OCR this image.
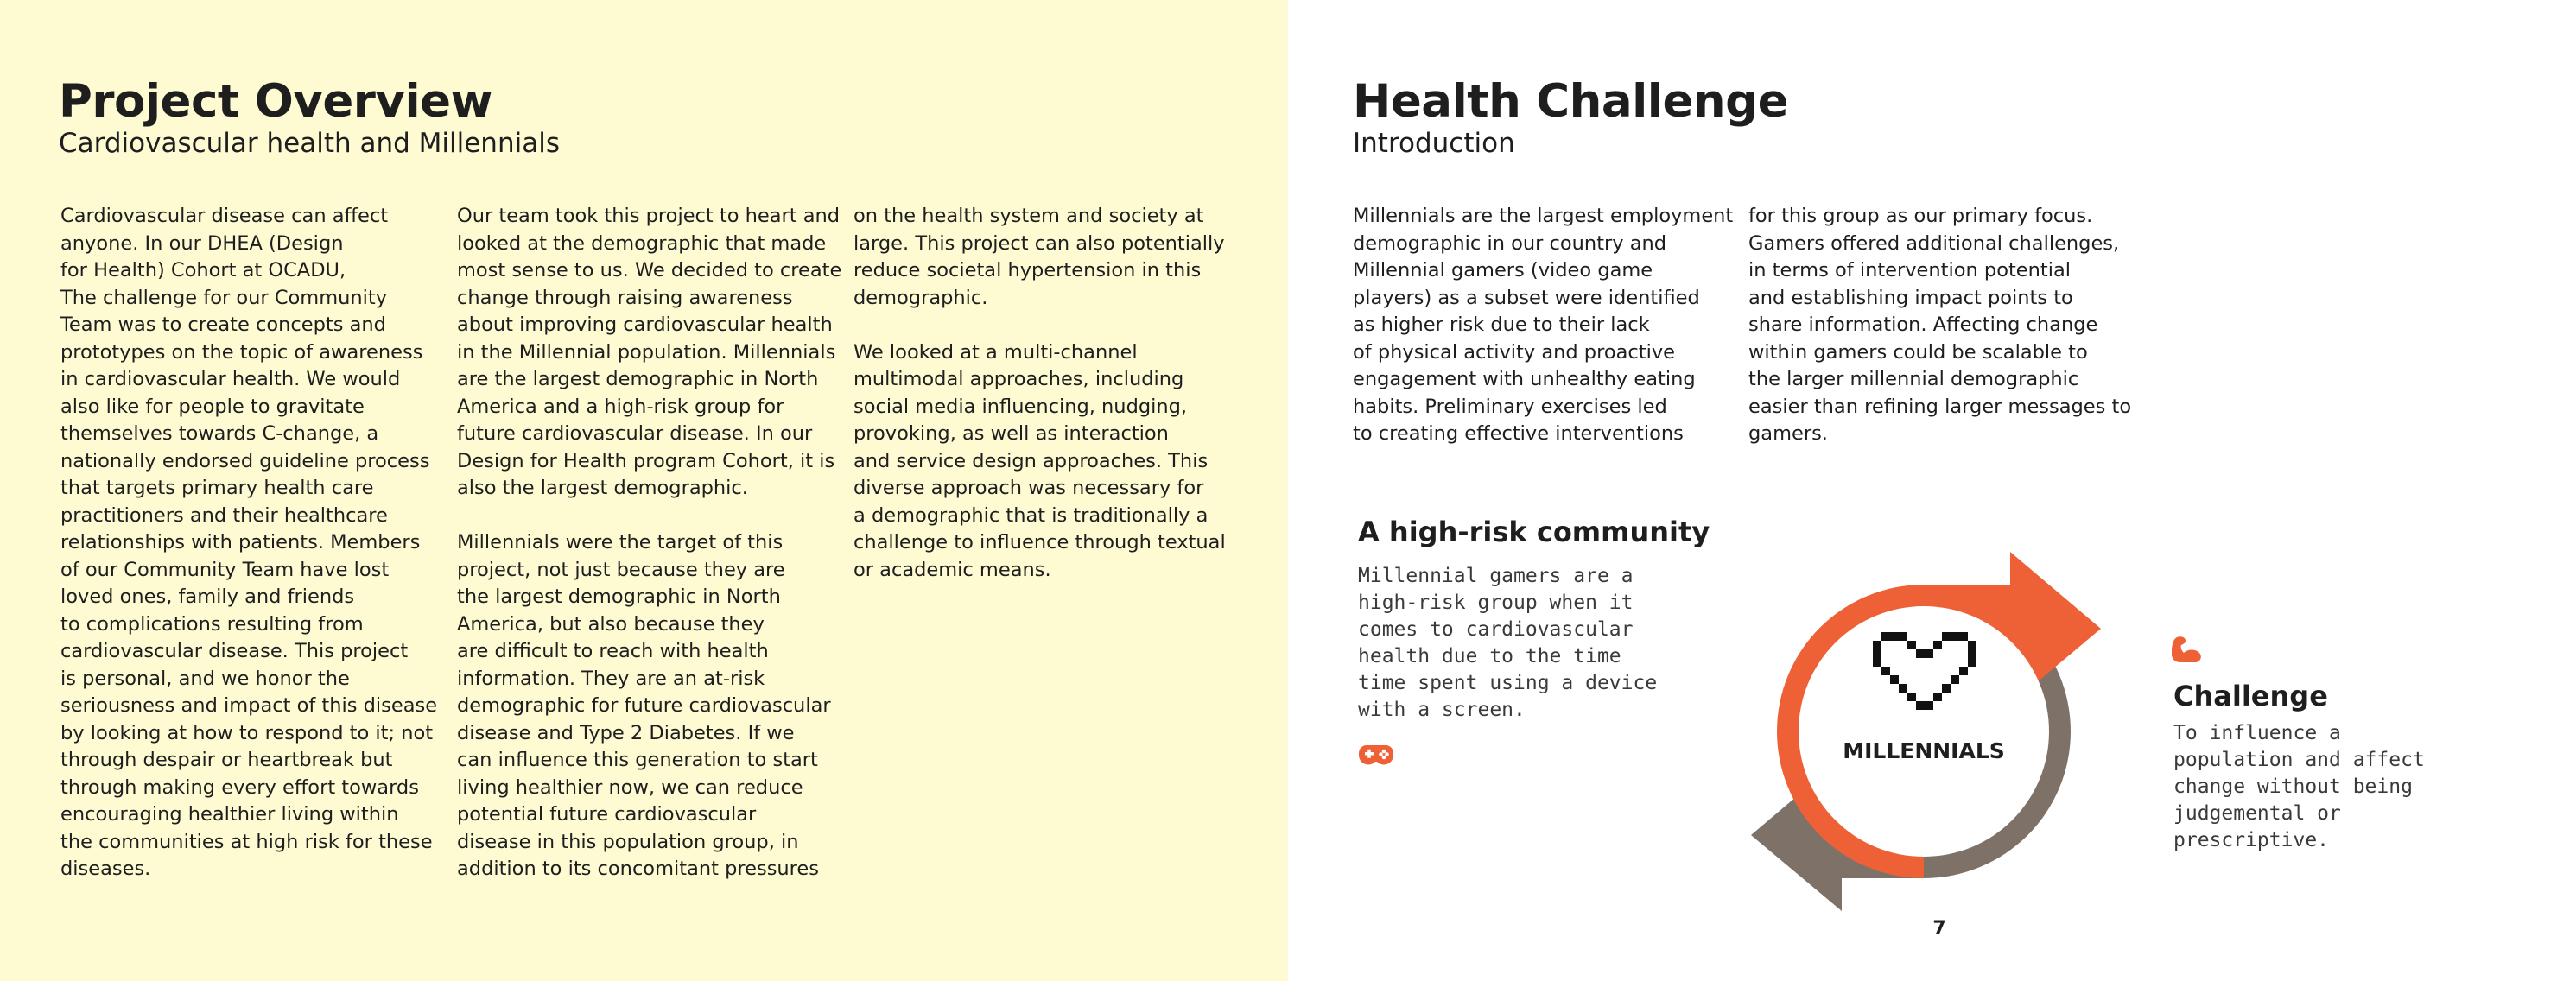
Project Overview
Cardiovascular health and Millennials

Cardiovascular disease can affect
anyone. In our DHEA (Design
for Health) Cohort at OCADU,
The challenge for our Community
Team was to create concepts and
prototypes on the topic of awareness
in cardiovascular health. We would
also like for people to gravitate
themselves towards C-change, a
nationally endorsed guideline process
that targets primary health care
practitioners and their healthcare
relationships with patients. Members
of our Community Team have lost
loved ones, family and friends
to complications resulting from
cardiovascular disease. This project
is personal, and we honor the
seriousness and impact of this disease
by looking at how to respond to it; not
through despair or heartbreak but
through making every effort towards
encouraging healthier living within
the communities at high risk for these
diseases.

Our team took this project to heart and
looked at the demographic that made
most sense to us. We decided to create
change through raising awareness
about improving cardiovascular health
in the Millennial population. Millennials
are the largest demographic in North
America and a high-risk group for
future cardiovascular disease. In our
Design for Health program Cohort, it is
also the largest demographic.

Millennials were the target of this
project, not just because they are
the largest demographic in North
America, but also because they
are difficult to reach with health
information. They are an at-risk
demographic for future cardiovascular
disease and Type 2 Diabetes. If we
can influence this generation to start
living healthier now, we can reduce
potential future cardiovascular
disease in this population group, in
addition to its concomitant pressures

on the health system and society at
large. This project can also potentially
reduce societal hypertension in this
demographic.

We looked at a multi-channel
multimodal approaches, including
social media influencing, nudging,
provoking, as well as interaction
and service design approaches. This
diverse approach was necessary for
a demographic that is traditionally a
challenge to influence through textual
or academic means.

Health Challenge
Introduction

Millennials are the largest employment
demographic in our country and
Millennial gamers (video game
players) as a subset were identified
as higher risk due to their lack
of physical activity and proactive
engagement with unhealthy eating
habits. Preliminary exercises led
to creating effective interventions

for this group as our primary focus.
Gamers offered additional challenges,
in terms of intervention potential
and establishing impact points to
share information. Affecting change
within gamers could be scalable to
the larger millennial demographic
easier than refining larger messages to
gamers.

A high-risk community
Millennial gamers are a
high-risk group when it
comes to cardiovascular
health due to the time
time spent using a device
with a screen.
MILLENNIALS
Challenge
To influence a
population and affect
change without being
judgemental or
prescriptive.
7
